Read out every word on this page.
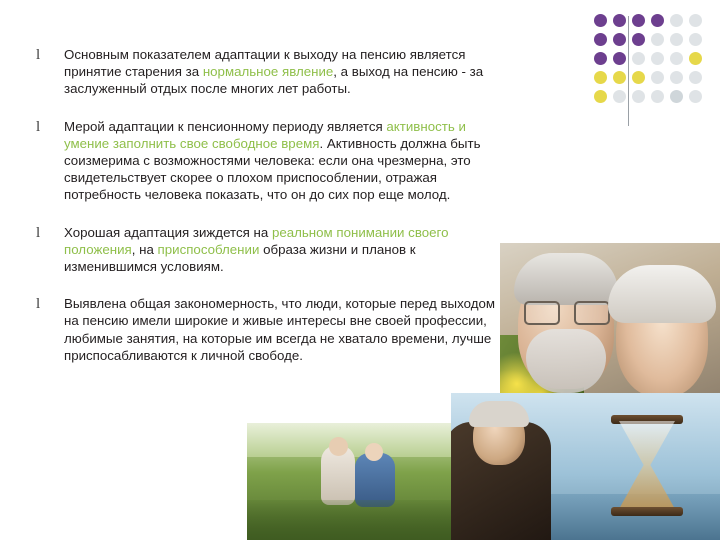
l	Основным показателем адаптации к выходу на пенсию является принятие старения за нормальное явление, а выход на пенсию - за заслуженный отдых после многих лет работы.
l	Мерой адаптации к пенсионному периоду является активность и умение заполнить свое свободное время. Активность должна быть соизмерима с возможностями человека: если она чрезмерна, это свидетельствует скорее о плохом приспособлении, отражая потребность человека показать, что он до сих пор еще молод.
l	Хорошая адаптация зиждется на реальном понимании своего положения, на приспособлении образа жизни и планов к изменившимся условиям.
l	Выявлена общая закономерность, что люди, которые перед выходом на пенсию имели широкие и живые интересы вне своей профессии, любимые занятия, на которые им всегда не хватало времени, лучше приспосабливаются к личной свободе.
